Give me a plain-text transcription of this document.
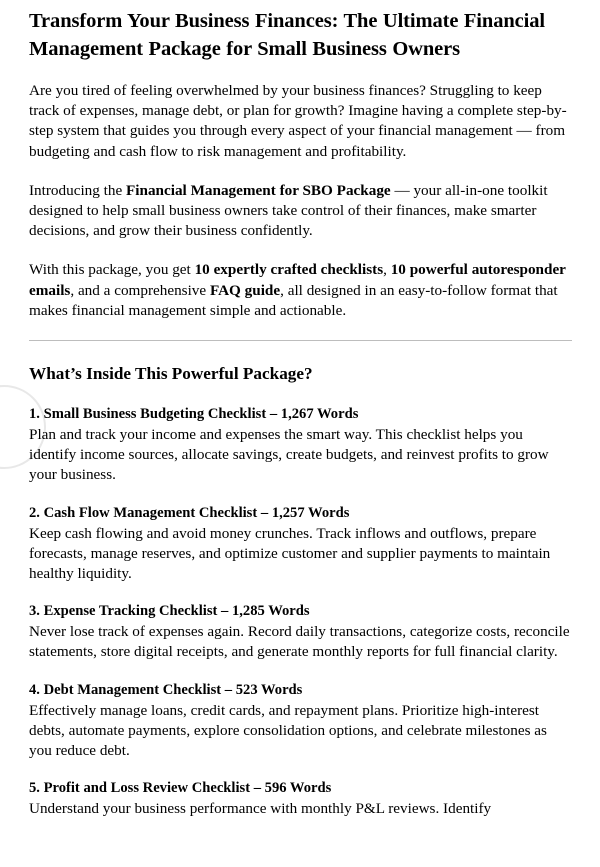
Transform Your Business Finances: The Ultimate Financial Management Package for Small Business Owners

Are you tired of feeling overwhelmed by your business finances? Struggling to keep track of expenses, manage debt, or plan for growth? Imagine having a complete step-by-step system that guides you through every aspect of your financial management — from budgeting and cash flow to risk management and profitability.

Introducing the Financial Management for SBO Package — your all-in-one toolkit designed to help small business owners take control of their finances, make smarter decisions, and grow their business confidently.

With this package, you get 10 expertly crafted checklists, 10 powerful autoresponder emails, and a comprehensive FAQ guide, all designed in an easy-to-follow format that makes financial management simple and actionable.

What’s Inside This Powerful Package?
1. Small Business Budgeting Checklist – 1,267 Words

Plan and track your income and expenses the smart way. This checklist helps you identify income sources, allocate savings, create budgets, and reinvest profits to grow your business.

2. Cash Flow Management Checklist – 1,257 Words

Keep cash flowing and avoid money crunches. Track inflows and outflows, prepare forecasts, manage reserves, and optimize customer and supplier payments to maintain healthy liquidity.

3. Expense Tracking Checklist – 1,285 Words

Never lose track of expenses again. Record daily transactions, categorize costs, reconcile statements, store digital receipts, and generate monthly reports for full financial clarity.

4. Debt Management Checklist – 523 Words

Effectively manage loans, credit cards, and repayment plans. Prioritize high-interest debts, automate payments, explore consolidation options, and celebrate milestones as you reduce debt.

5. Profit and Loss Review Checklist – 596 Words

Understand your business performance with monthly P&L reviews. Identify
